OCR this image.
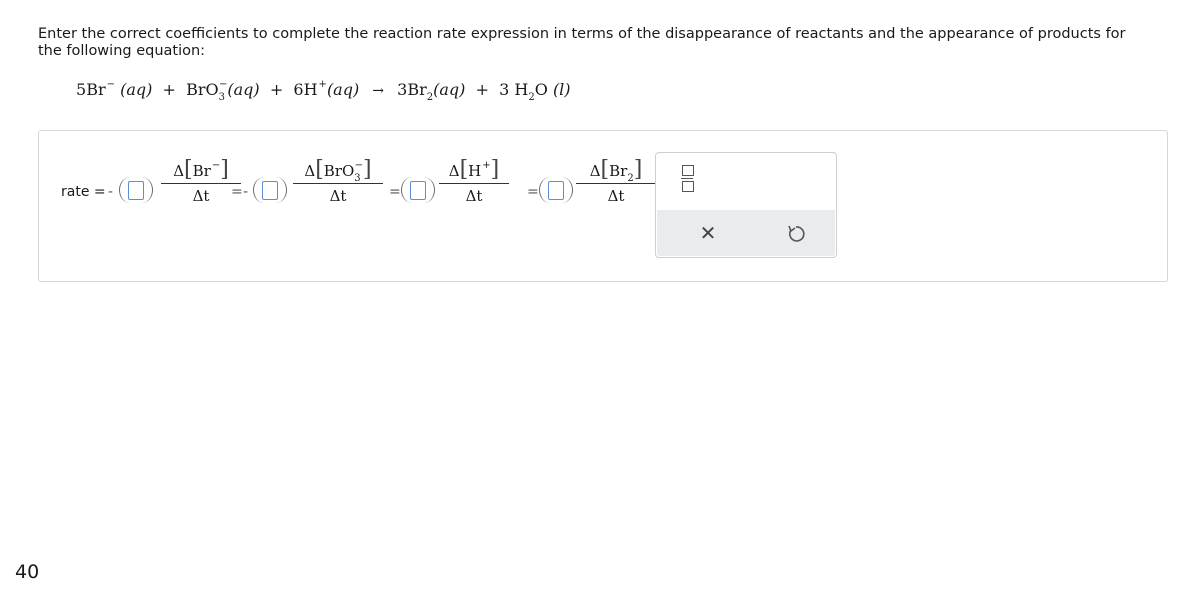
Enter the correct coefficients to complete the reaction rate expression in terms of the disappearance of reactants and the appearance of products for the following equation:
5Br− $(aq) + BrO_3^-(aq) + 6H^+(aq) \to 3Br_2(aq) + 3$ $H_2O$ (l)
rate = -
Δ[Br−]
Δt	= -
Δ[BrO$_3$−]
Δt	=
Δ[H+]
Δt	=
$\Delta[Br_2]$
Δt
✕
40
